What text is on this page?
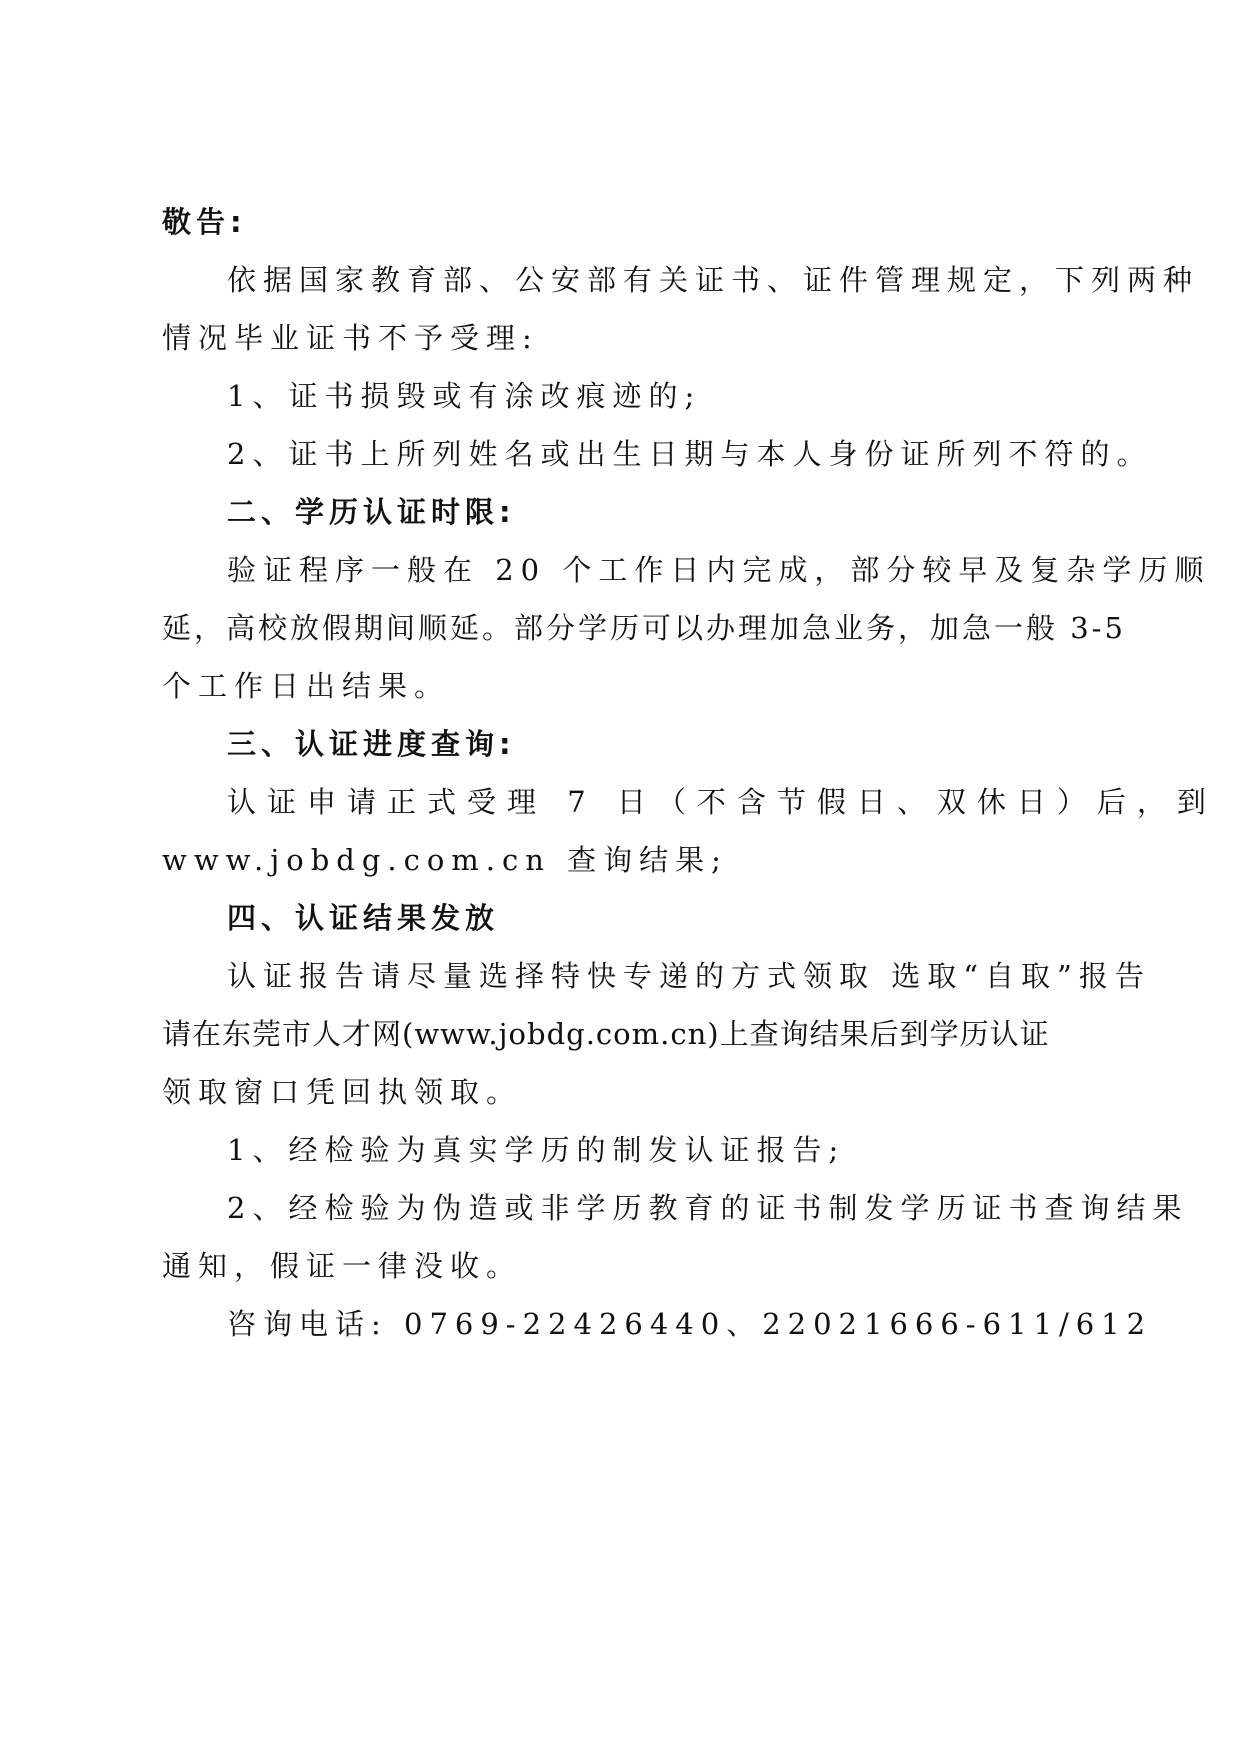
敬告:

依据国家教育部、公安部有关证书、证件管理规定，下列两种

情况毕业证书不予受理:

1、证书损毁或有涂改痕迹的;

2、证书上所列姓名或出生日期与本人身份证所列不符的。

二、学历认证时限:

验证程序一般在 20 个工作日内完成，部分较早及复杂学历顺

延，高校放假期间顺延。部分学历可以办理加急业务，加急一般 3-5

个工作日出结果。

三、认证进度查询:

认证申请正式受理 7 日（不含节假日、双休日）后，到

www.jobdg.com.cn 查询结果;

四、认证结果发放

认证报告请尽量选择特快专递的方式领取 选取“自取”报告

请在东莞市人才网(www.jobdg.com.cn)上查询结果后到学历认证

领取窗口凭回执领取。

1、经检验为真实学历的制发认证报告;

2、经检验为伪造或非学历教育的证书制发学历证书查询结果

通知，假证一律没收。

咨询电话: 0769-22426440、22021666-611/612
